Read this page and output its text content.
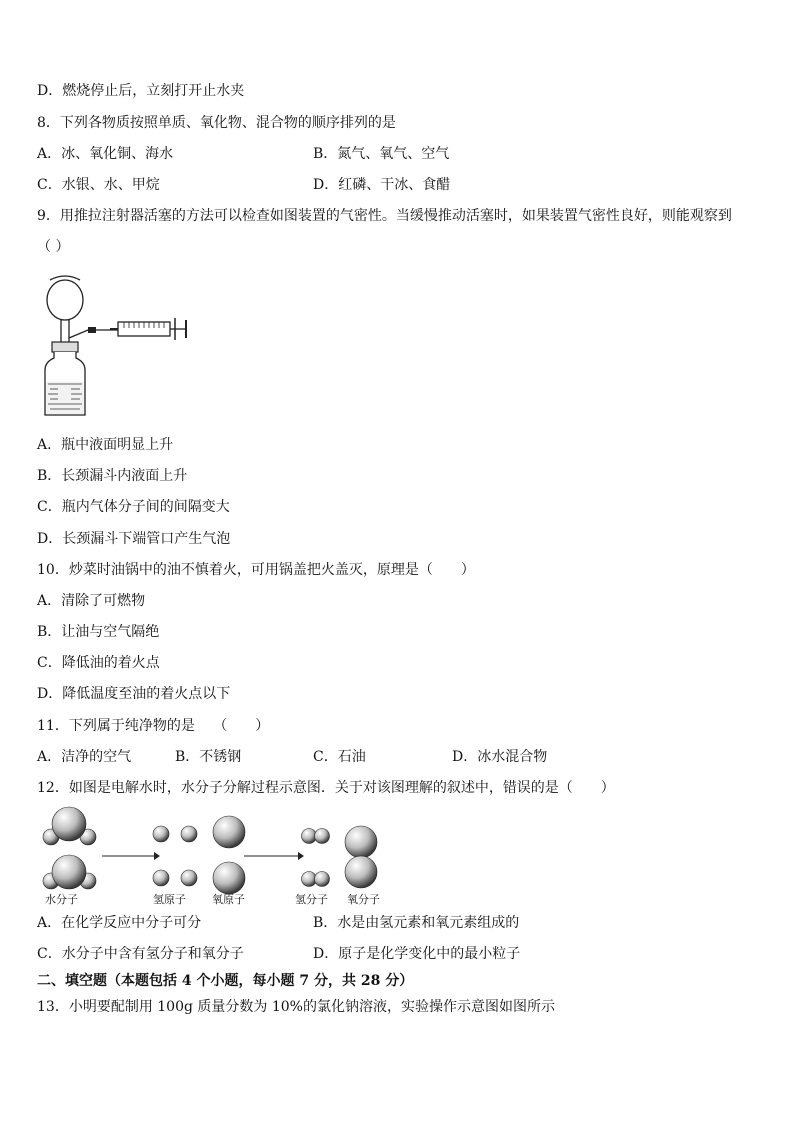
D．燃烧停止后，立刻打开止水夹
8．下列各物质按照单质、氧化物、混合物的顺序排列的是
A．冰、氧化铜、海水	B．氮气、氧气、空气
C．水银、水、甲烷	D．红磷、干冰、食醋
9．用推拉注射器活塞的方法可以检查如图装置的气密性。当缓慢推动活塞时，如果装置气密性良好，则能观察到
（ ）
A．瓶中液面明显上升
B．长颈漏斗内液面上升
C．瓶内气体分子间的间隔变大
D．长颈漏斗下端管口产生气泡
10．炒菜时油锅中的油不慎着火，可用锅盖把火盖灭，原理是（　　）
A．清除了可燃物
B．让油与空气隔绝
C．降低油的着火点
D．降低温度至油的着火点以下
11．下列属于纯净物的是　 （　　）
A．洁净的空气	B．不锈钢	C．石油	D．冰水混合物
12．如图是电解水时，水分子分解过程示意图．关于对该图理解的叙述中，错误的是（　　）
水分子	氢原子 氧原子	氢分子 氧分子
A．在化学反应中分子可分	B．水是由氢元素和氧元素组成的
C．水分子中含有氢分子和氧分子	D．原子是化学变化中的最小粒子
二、填空题（本题包括 4 个小题，每小题 7 分，共 28 分）
13．小明要配制用 100g 质量分数为 10%的氯化钠溶液，实验操作示意图如图所示
